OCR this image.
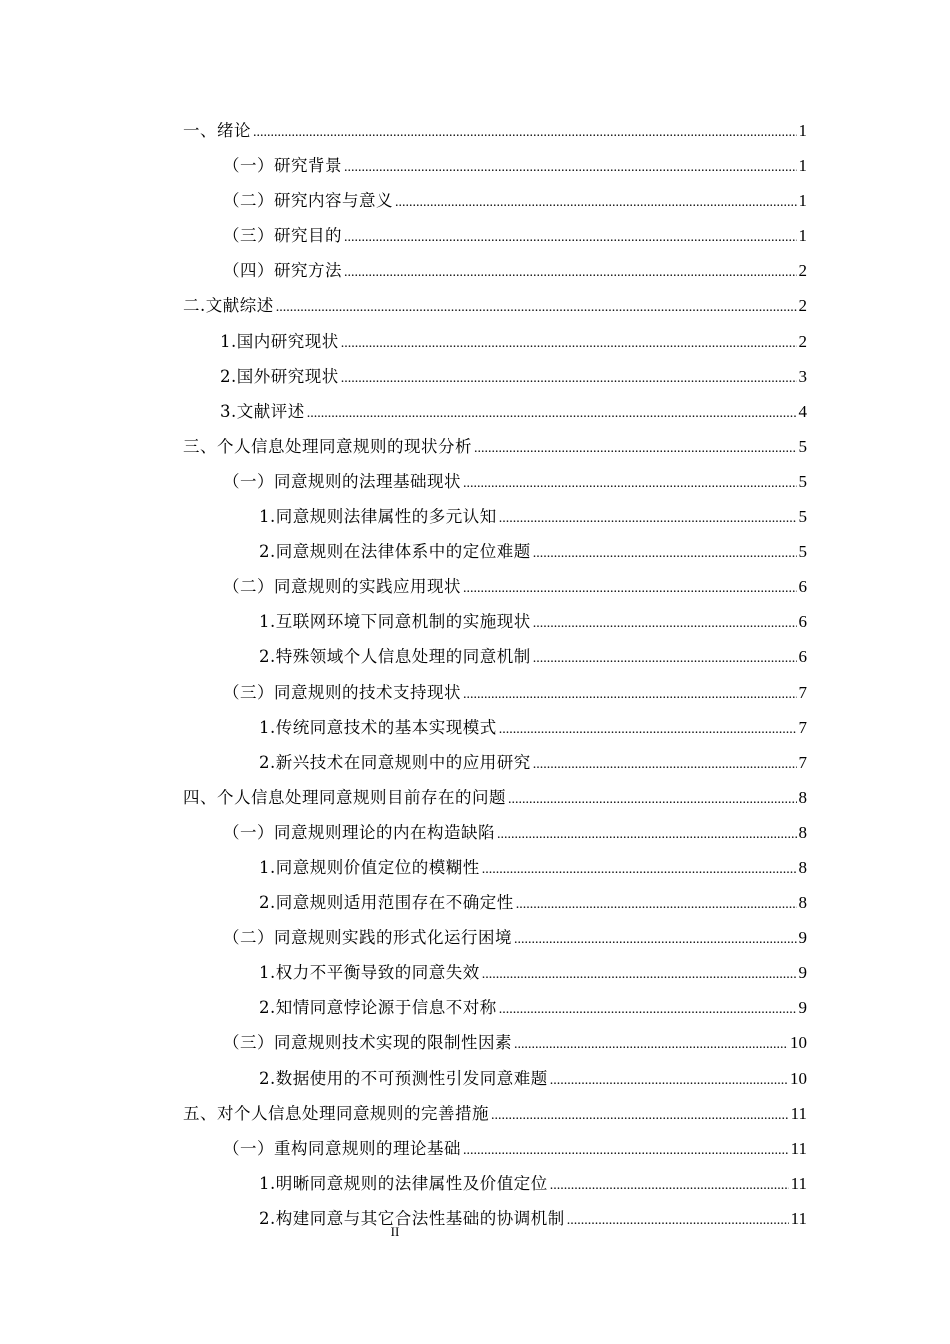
一、绪论 .....	1
（一）研究背景 .....	1
（二）研究内容与意义 .....	1
（三）研究目的 .....	1
（四）研究方法 .....	2
二.文献综述 .....	2
1.国内研究现状 .....	2
2.国外研究现状 .....	3
3.文献评述 .....	4
三、个人信息处理同意规则的现状分析 .....	5
（一）同意规则的法理基础现状 .....	5
1.同意规则法律属性的多元认知 .....	5
2.同意规则在法律体系中的定位难题 .....	5
（二）同意规则的实践应用现状 .....	6
1.互联网环境下同意机制的实施现状 .....	6
2.特殊领域个人信息处理的同意机制 .....	6
（三）同意规则的技术支持现状 .....	7
1.传统同意技术的基本实现模式 .....	7
2.新兴技术在同意规则中的应用研究 .....	7
四、个人信息处理同意规则目前存在的问题 .....	8
（一）同意规则理论的内在构造缺陷 .....	8
1.同意规则价值定位的模糊性 .....	8
2.同意规则适用范围存在不确定性 .....	8
（二）同意规则实践的形式化运行困境 .....	9
1.权力不平衡导致的同意失效 .....	9
2.知情同意悖论源于信息不对称 .....	9
（三）同意规则技术实现的限制性因素 .....	10
2.数据使用的不可预测性引发同意难题 .....	10
五、对个人信息处理同意规则的完善措施 .....	11
（一）重构同意规则的理论基础 .....	11
1.明晰同意规则的法律属性及价值定位 .....	11
2.构建同意与其它合法性基础的协调机制 .....	11
II
